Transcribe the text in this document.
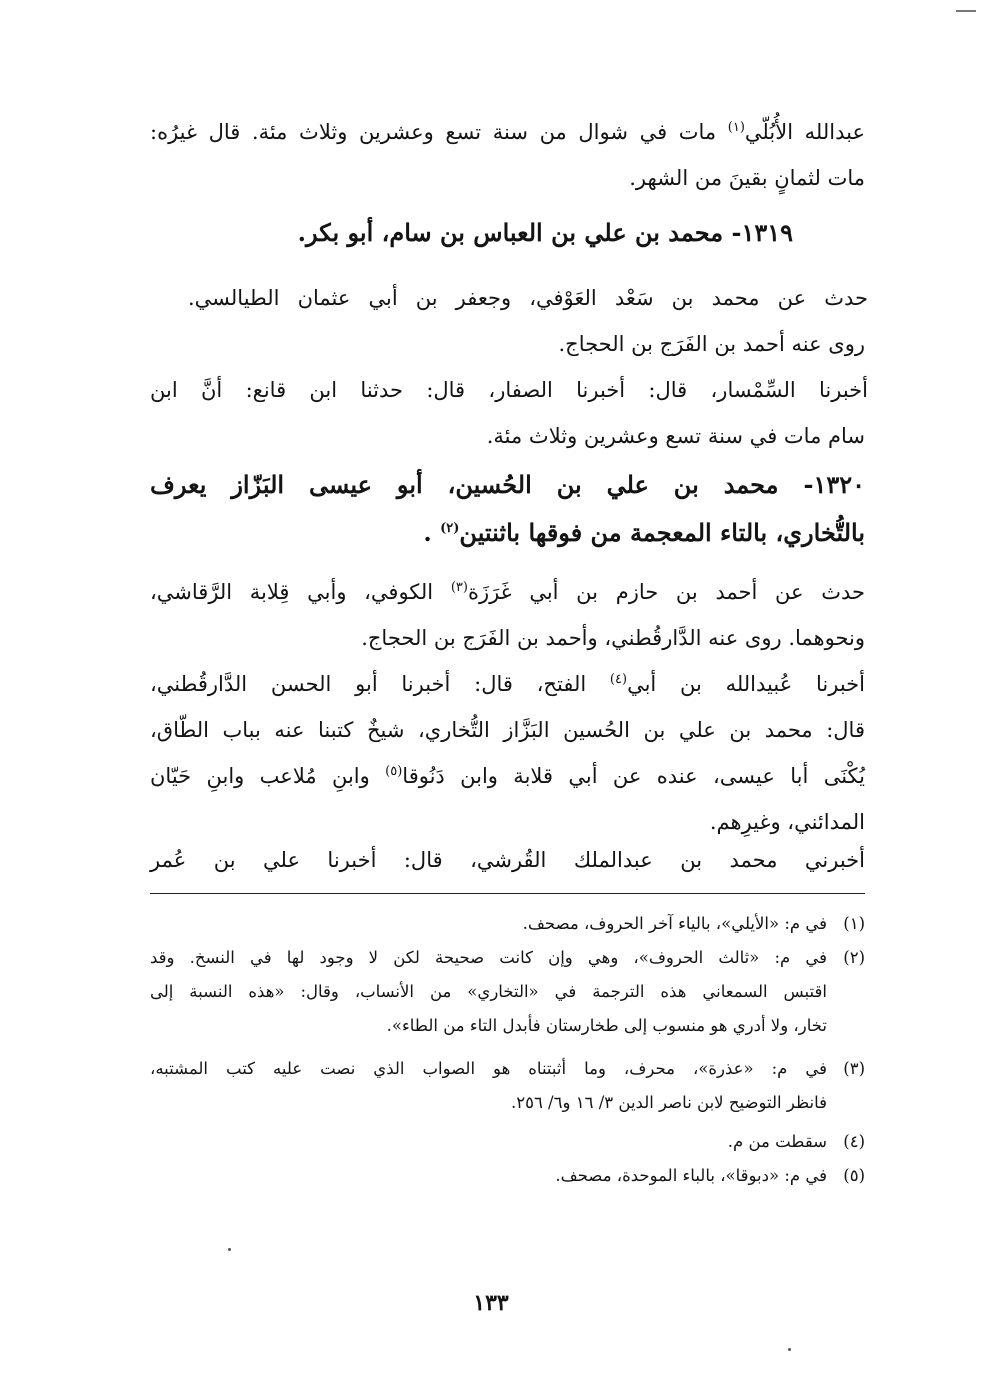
عبدالله الأُبُلّي$^{(١)}$ مات في شوال من سنة تسع وعشرين وثلاث مئة. قال غيرُه:
مات لثمانٍ بقينَ من الشهر.
١٣١٩- محمد بن علي بن العباس بن سام، أبو بكر.
حدث عن محمد بن سَعْد العَوْفي، وجعفر بن أبي عثمان الطيالسي.
روى عنه أحمد بن الفَرَج بن الحجاج.
أخبرنا السِّمْسار، قال: أخبرنا الصفار، قال: حدثنا ابن قانع: أنَّ ابن
سام مات في سنة تسع وعشرين وثلاث مئة.
١٣٢٠- محمد بن علي بن الحُسين، أبو عيسى البَزّاز يعرف
بالتُّخاري، بالتاء المعجمة من فوقها باثنتين$^{(٢)}$ .
حدث عن أحمد بن حازم بن أبي غَرَزَة$^{(٣)}$ الكوفي، وأبي قِلابة الرَّقاشي،
ونحوهما. روى عنه الدَّارقُطني، وأحمد بن الفَرَج بن الحجاج.
أخبرنا عُبيدالله بن أبي$^{(٤)}$ الفتح، قال: أخبرنا أبو الحسن الدَّارقُطني،
قال: محمد بن علي بن الحُسين البَزَّاز التُّخاري، شيخٌ كتبنا عنه بباب الطّاق،
يُكْنَى أبا عيسى، عنده عن أبي قلابة وابن دَنُوقا$^{(٥)}$ وابنِ مُلاعب وابنِ حَيّان
المدائني، وغيرِهم.
أخبرني محمد بن عبدالملك القُرشي، قال: أخبرنا علي بن عُمر
(١)في م: «الأيلي»، بالياء آخر الحروف، مصحف.
(٢)في م: «ثالث الحروف»، وهي وإن كانت صحيحة لكن لا وجود لها في النسخ. وقد
اقتبس السمعاني هذه الترجمة في «التخاري» من الأنساب، وقال: «هذه النسبة إلى
تخار، ولا أدري هو منسوب إلى طخارستان فأبدل التاء من الطاء».
(٣)في م: «عذرة»، محرف، وما أثبتناه هو الصواب الذي نصت عليه كتب المشتبه،
فانظر التوضيح لابن ناصر الدين ٣/ ١٦ و٦/ ٢٥٦.
(٤)سقطت من م.
(٥)في م: «دبوقا»، بالباء الموحدة، مصحف.
١٣٣
